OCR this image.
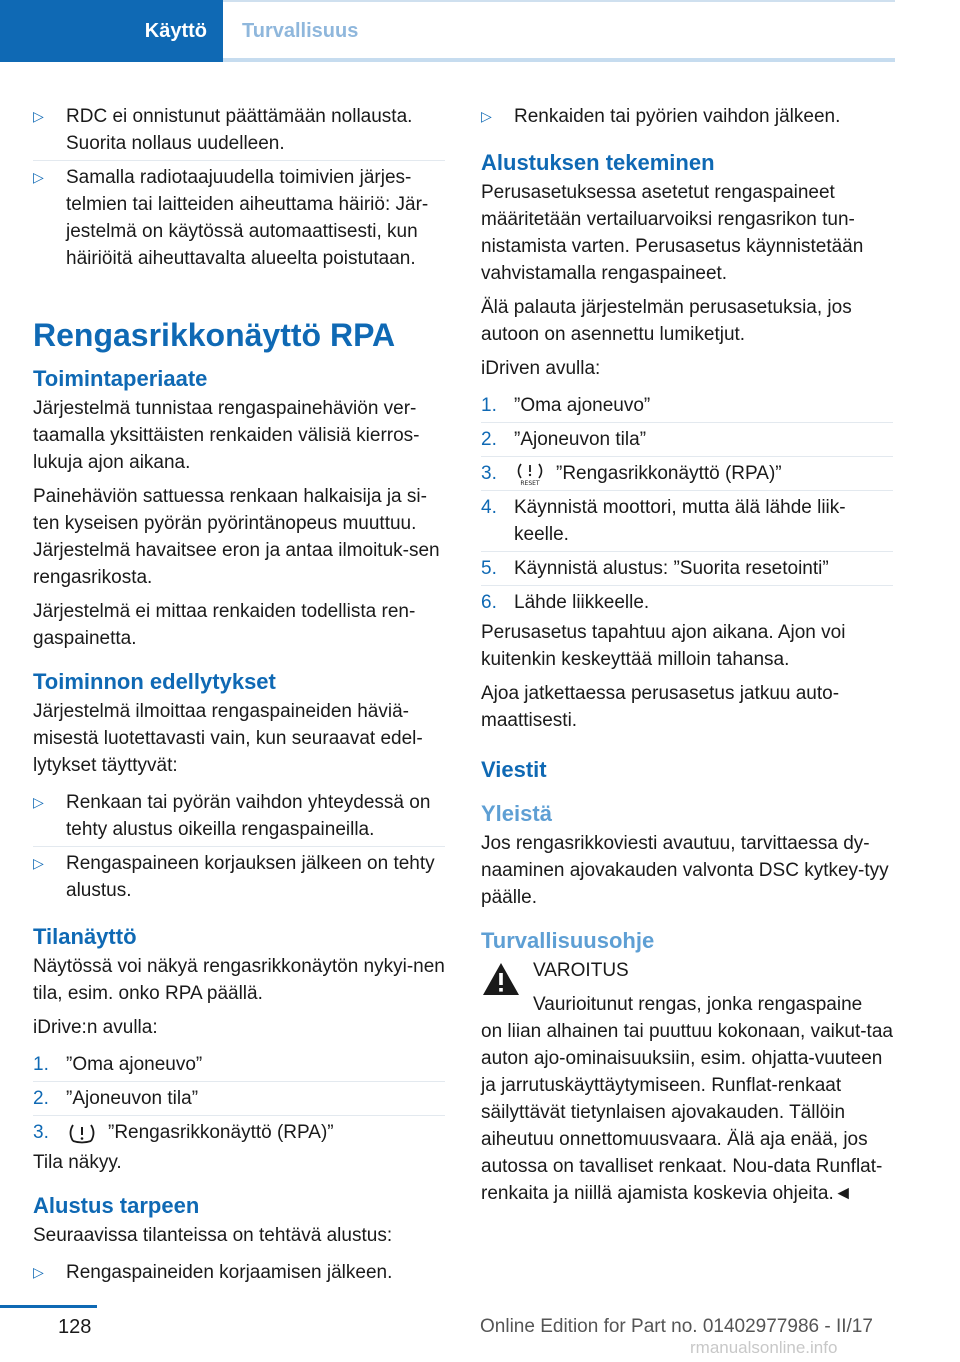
Käyttö	Turvallisuus
▷	RDC ei onnistunut päättämään nollausta. Suorita nollaus uudelleen.
▷	Samalla radiotaajuudella toimivien järjes-telmien tai laitteiden aiheuttama häiriö: Jär-jestelmä on käytössä automaattisesti, kun häiriöitä aiheuttavalta alueelta poistutaan.
Rengasrikkonäyttö RPA
Toimintaperiaate

Järjestelmä tunnistaa rengaspainehäviön ver-taamalla yksittäisten renkaiden välisiä kierros-lukuja ajon aikana.

Painehäviön sattuessa renkaan halkaisija ja si-ten kyseisen pyörän pyörintänopeus muuttuu. Järjestelmä havaitsee eron ja antaa ilmoituk-sen rengasrikosta.

Järjestelmä ei mittaa renkaiden todellista ren-gaspainetta.

Toiminnon edellytykset

Järjestelmä ilmoittaa rengaspaineiden häviä-misestä luotettavasti vain, kun seuraavat edel-lytykset täyttyvät:

▷	Renkaan tai pyörän vaihdon yhteydessä on tehty alustus oikeilla rengaspaineilla.
▷	Rengaspaineen korjauksen jälkeen on tehty alustus.
Tilanäyttö

Näytössä voi näkyä rengasrikkonäytön nykyi-nen tila, esim. onko RPA päällä.

iDrive:n avulla:

1. ”Oma ajoneuvo”
2. ”Ajoneuvon tila”
3.	”Rengasrikkonäyttö (RPA)”

Tila näkyy.

Alustus tarpeen

Seuraavissa tilanteissa on tehtävä alustus:

▷	Rengaspaineiden korjaamisen jälkeen.
▷	Renkaiden tai pyörien vaihdon jälkeen.
Alustuksen tekeminen

Perusasetuksessa asetetut rengaspaineet määritetään vertailuarvoiksi rengasrikon tun-nistamista varten. Perusasetus käynnistetään vahvistamalla rengaspaineet.

Älä palauta järjestelmän perusasetuksia, jos autoon on asennettu lumiketjut.

iDriven avulla:

1. ”Oma ajoneuvo”
2. ”Ajoneuvon tila”
3.	RESET ”Rengasrikkonäyttö (RPA)”
4. Käynnistä moottori, mutta älä lähde liik-keelle.
5. Käynnistä alustus: ”Suorita resetointi”
6. Lähde liikkeelle.

Perusasetus tapahtuu ajon aikana. Ajon voi kuitenkin keskeyttää milloin tahansa.

Ajoa jatkettaessa perusasetus jatkuu auto-maattisesti.

Viestit
Yleistä

Jos rengasrikkoviesti avautuu, tarvittaessa dy-naaminen ajovakauden valvonta DSC kytkey-tyy päälle.

Turvallisuusohje
VAROITUS
Vaurioitunut rengas, jonka rengaspaine

on liian alhainen tai puuttuu kokonaan, vaikut-taa auton ajo-ominaisuuksiin, esim. ohjatta-vuuteen ja jarrutuskäyttäytymiseen. Runflat-renkaat säilyttävät tietynlaisen ajovakauden. Tällöin aiheutuu onnettomuusvaara. Älä aja enää, jos autossa on tavalliset renkaat. Nou-data Runflat-renkaita ja niillä ajamista koskevia ohjeita.◄

128	Online Edition for Part no. 01402977986 - II/17
rmanualsonline.info
